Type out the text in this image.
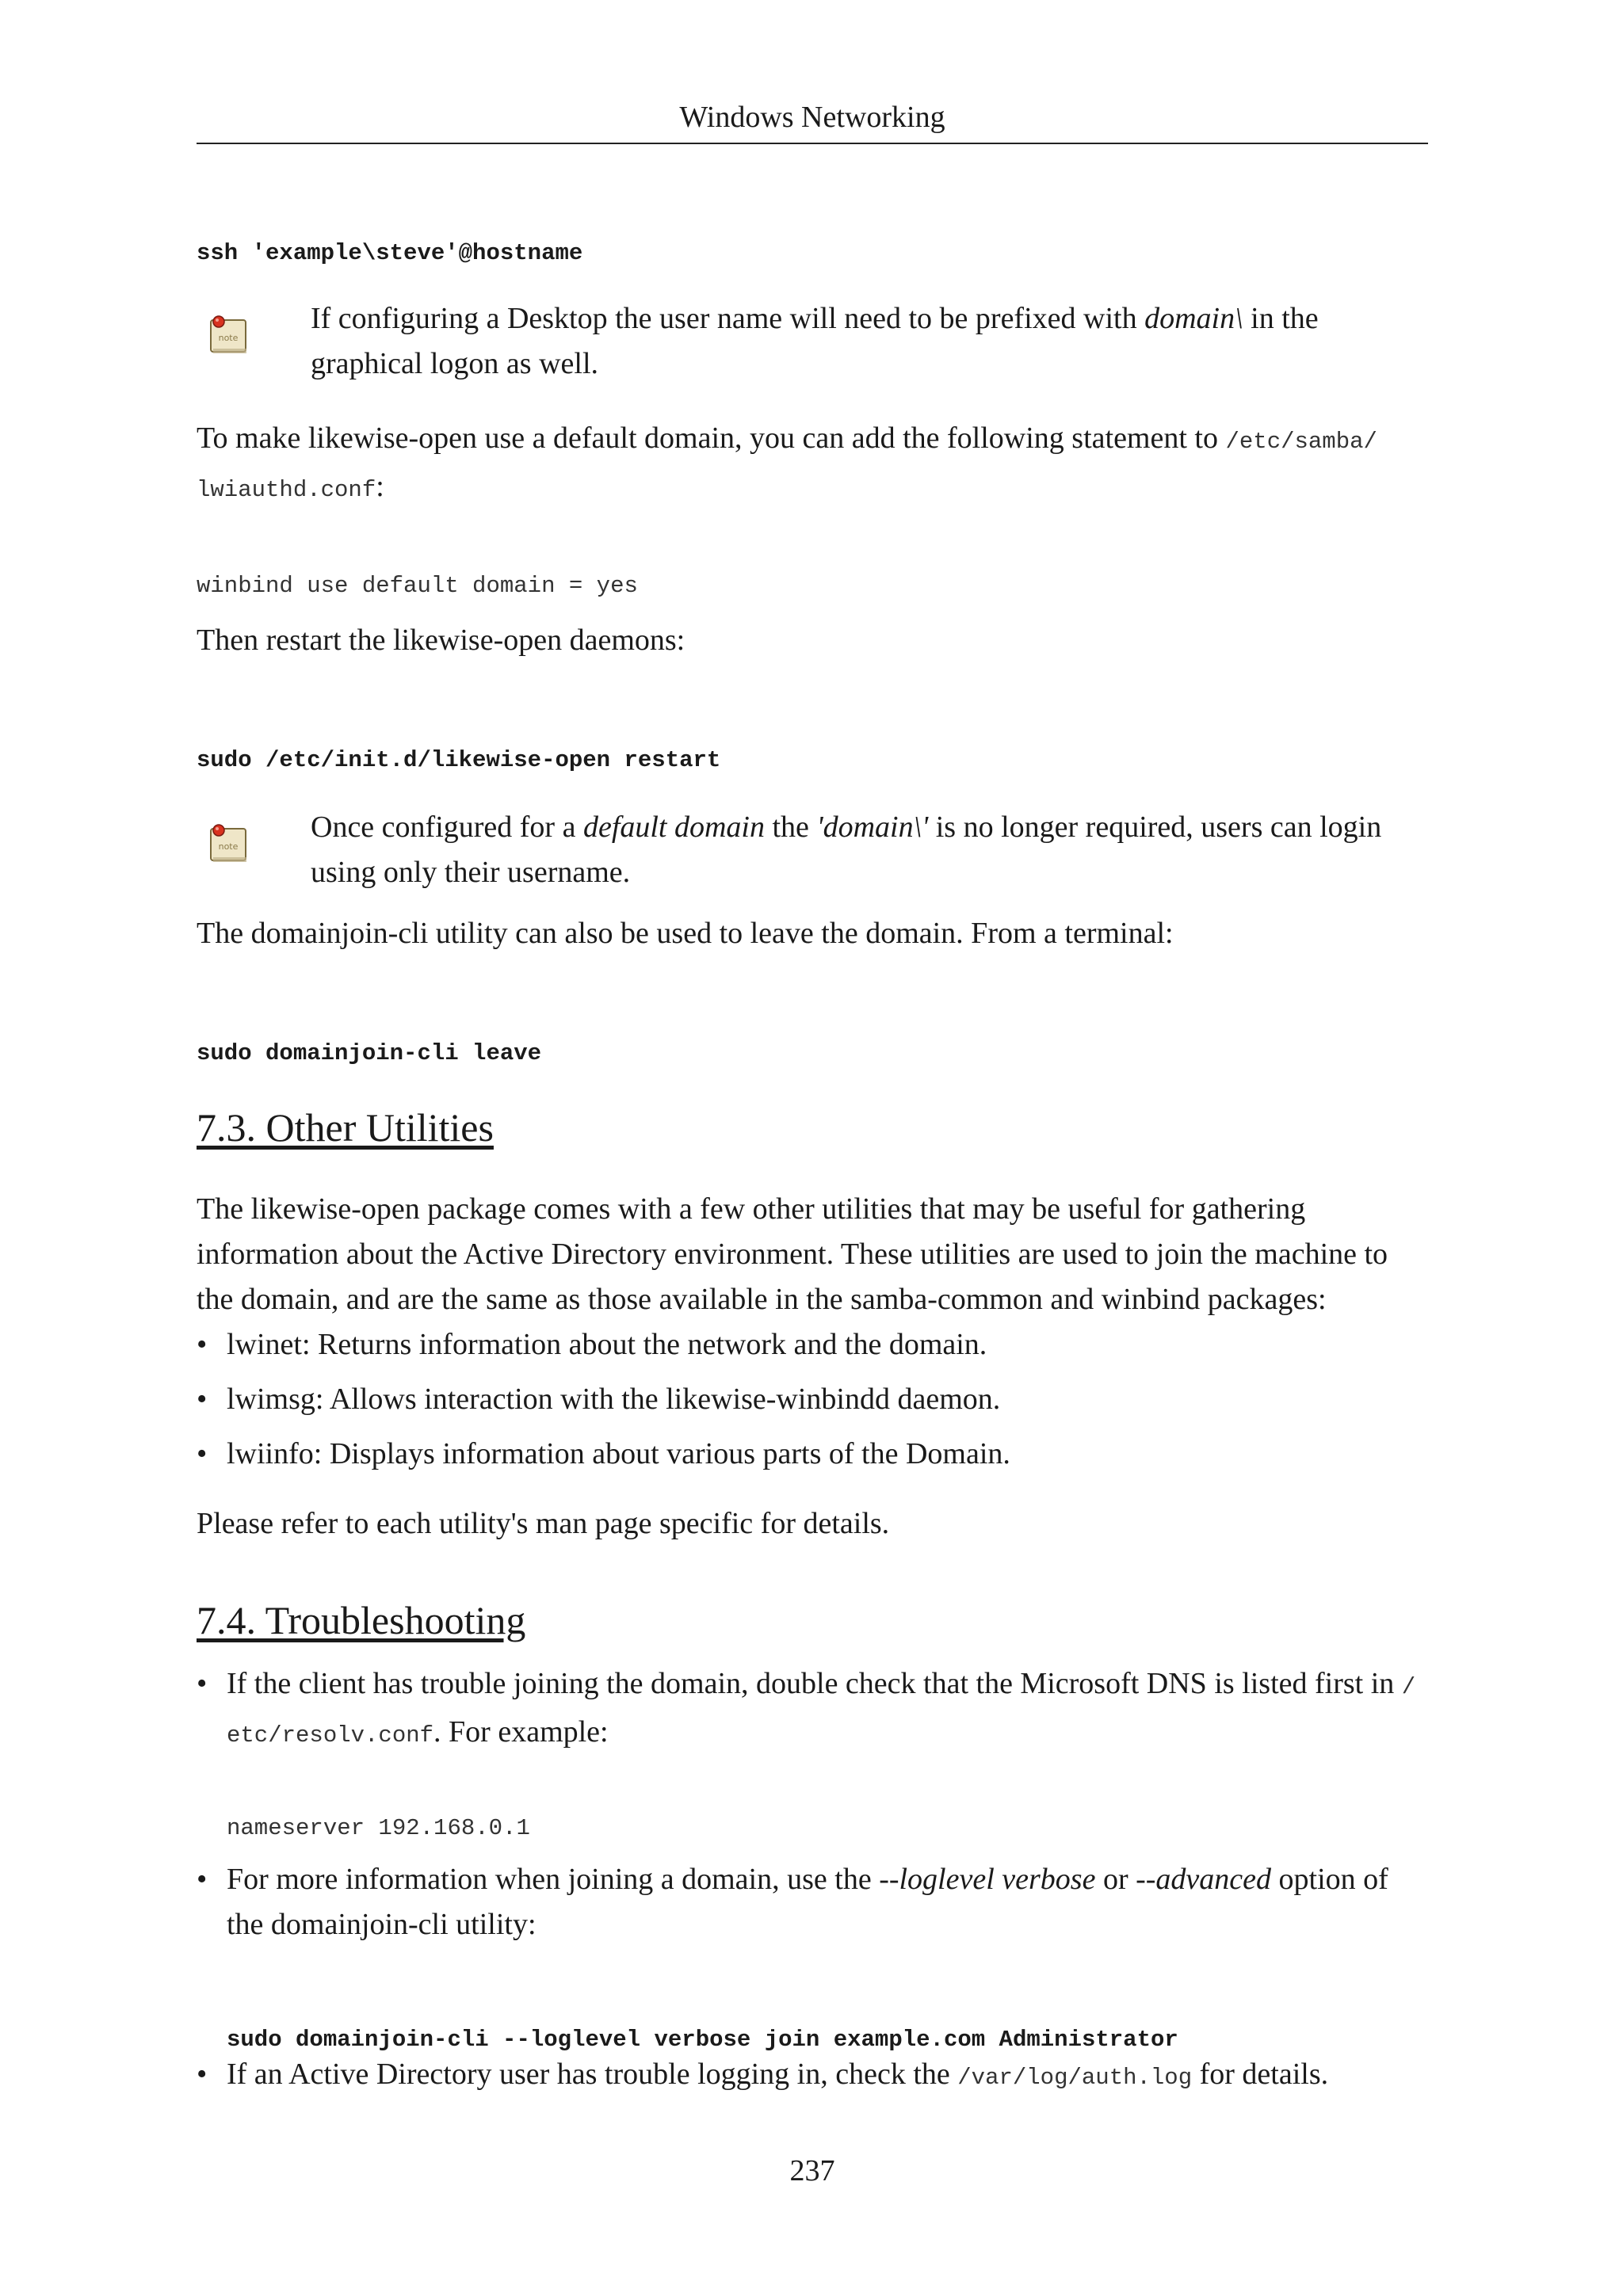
Windows Networking
ssh 'example\steve'@hostname
note

If configuring a Desktop the user name will need to be prefixed with domain\ in the graphical logon as well.

To make likewise-open use a default domain, you can add the following statement to /etc/samba/ lwiauthd.conf:

winbind use default domain = yes

Then restart the likewise-open daemons:

sudo /etc/init.d/likewise-open restart
note

Once configured for a default domain the 'domain\' is no longer required, users can login using only their username.

The domainjoin-cli utility can also be used to leave the domain. From a terminal:

sudo domainjoin-cli leave
7.3. Other Utilities

The likewise-open package comes with a few other utilities that may be useful for gathering information about the Active Directory environment. These utilities are used to join the machine to the domain, and are the same as those available in the samba-common and winbind packages:

• lwinet: Returns information about the network and the domain.
• lwimsg: Allows interaction with the likewise-winbindd daemon.
• lwiinfo: Displays information about various parts of the Domain.

Please refer to each utility's man page specific for details.

7.4. Troubleshooting
• If the client has trouble joining the domain, double check that the Microsoft DNS is listed first in / etc/resolv.conf. For example:
nameserver 192.168.0.1
• For more information when joining a domain, use the --loglevel verbose or --advanced option of the domainjoin-cli utility:
sudo domainjoin-cli --loglevel verbose join example.com Administrator
• If an Active Directory user has trouble logging in, check the /var/log/auth.log for details.
237
